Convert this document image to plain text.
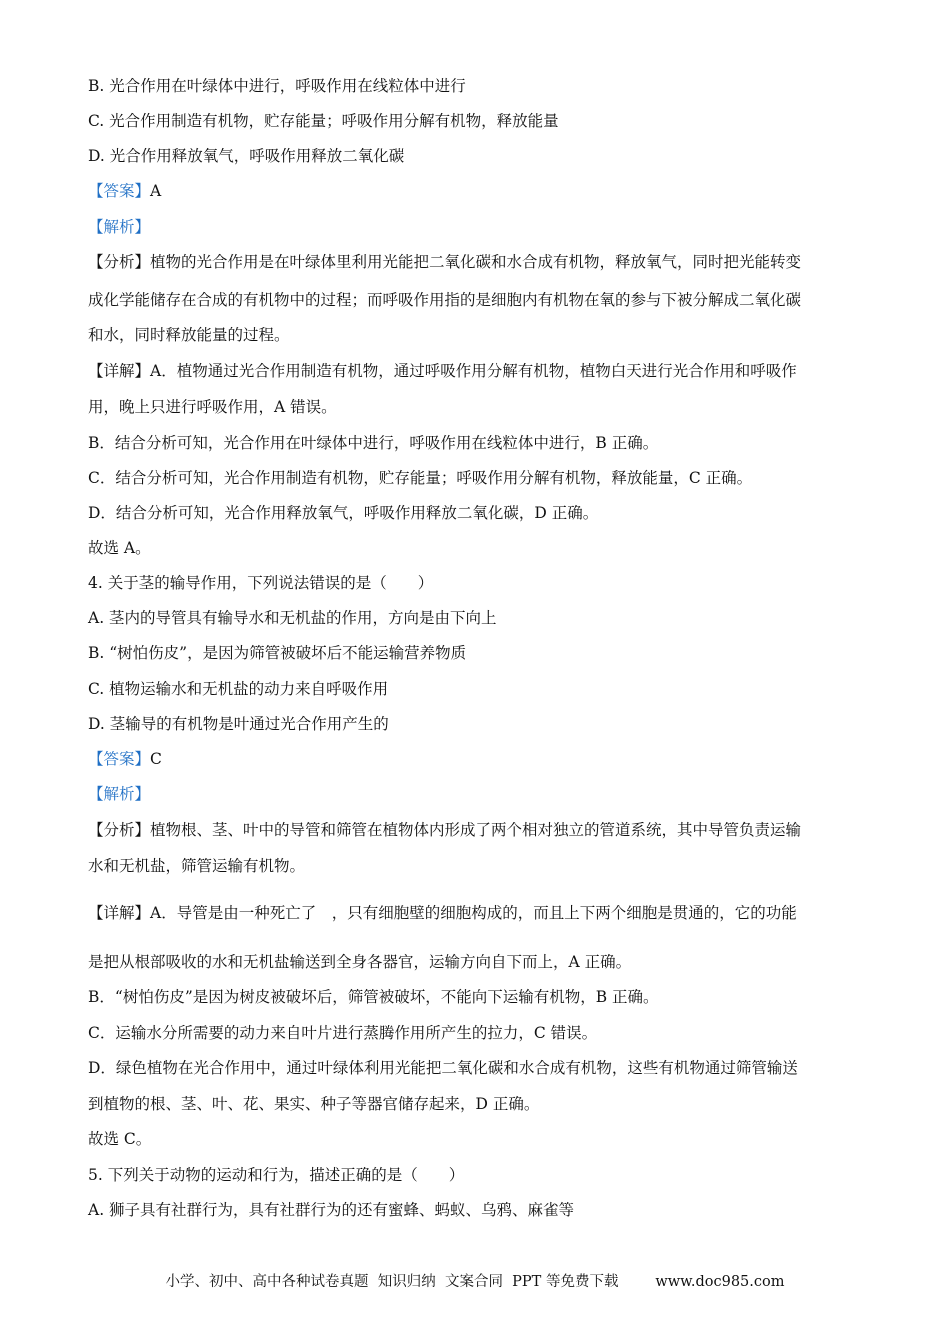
B. 光合作用在叶绿体中进行，呼吸作用在线粒体中进行
C. 光合作用制造有机物，贮存能量；呼吸作用分解有机物，释放能量
D. 光合作用释放氧气，呼吸作用释放二氧化碳
【答案】A
【解析】
【分析】植物的光合作用是在叶绿体里利用光能把二氧化碳和水合成有机物，释放氧气，同时把光能转变
成化学能储存在合成的有机物中的过程；而呼吸作用指的是细胞内有机物在氧的参与下被分解成二氧化碳
和水，同时释放能量的过程。
【详解】A．植物通过光合作用制造有机物，通过呼吸作用分解有机物，植物白天进行光合作用和呼吸作
用，晚上只进行呼吸作用，A 错误。
B．结合分析可知，光合作用在叶绿体中进行，呼吸作用在线粒体中进行，B 正确。
C．结合分析可知，光合作用制造有机物，贮存能量；呼吸作用分解有机物，释放能量，C 正确。
D．结合分析可知，光合作用释放氧气，呼吸作用释放二氧化碳，D 正确。
故选 A。
4. 关于茎的输导作用，下列说法错误的是（　　）
A. 茎内的导管具有输导水和无机盐的作用，方向是由下向上
B. “树怕伤皮”，是因为筛管被破坏后不能运输营养物质
C. 植物运输水和无机盐的动力来自呼吸作用
D. 茎输导的有机物是叶通过光合作用产生的
【答案】C
【解析】
【分析】植物根、茎、叶中的导管和筛管在植物体内形成了两个相对独立的管道系统，其中导管负责运输
水和无机盐，筛管运输有机物。
【详解】A．导管是由一种死亡了　，只有细胞壁的细胞构成的，而且上下两个细胞是贯通的，它的功能
是把从根部吸收的水和无机盐输送到全身各器官，运输方向自下而上，A 正确。
B．“树怕伤皮”是因为树皮被破坏后，筛管被破坏，不能向下运输有机物，B 正确。
C．运输水分所需要的动力来自叶片进行蒸腾作用所产生的拉力，C 错误。
D．绿色植物在光合作用中，通过叶绿体利用光能把二氧化碳和水合成有机物，这些有机物通过筛管输送
到植物的根、茎、叶、花、果实、种子等器官储存起来，D 正确。
故选 C。
5. 下列关于动物的运动和行为，描述正确的是（　　）
A. 狮子具有社群行为，具有社群行为的还有蜜蜂、蚂蚁、乌鸦、麻雀等
小学、初中、高中各种试卷真题  知识归纳  文案合同  PPT 等免费下载	www.doc985.com
